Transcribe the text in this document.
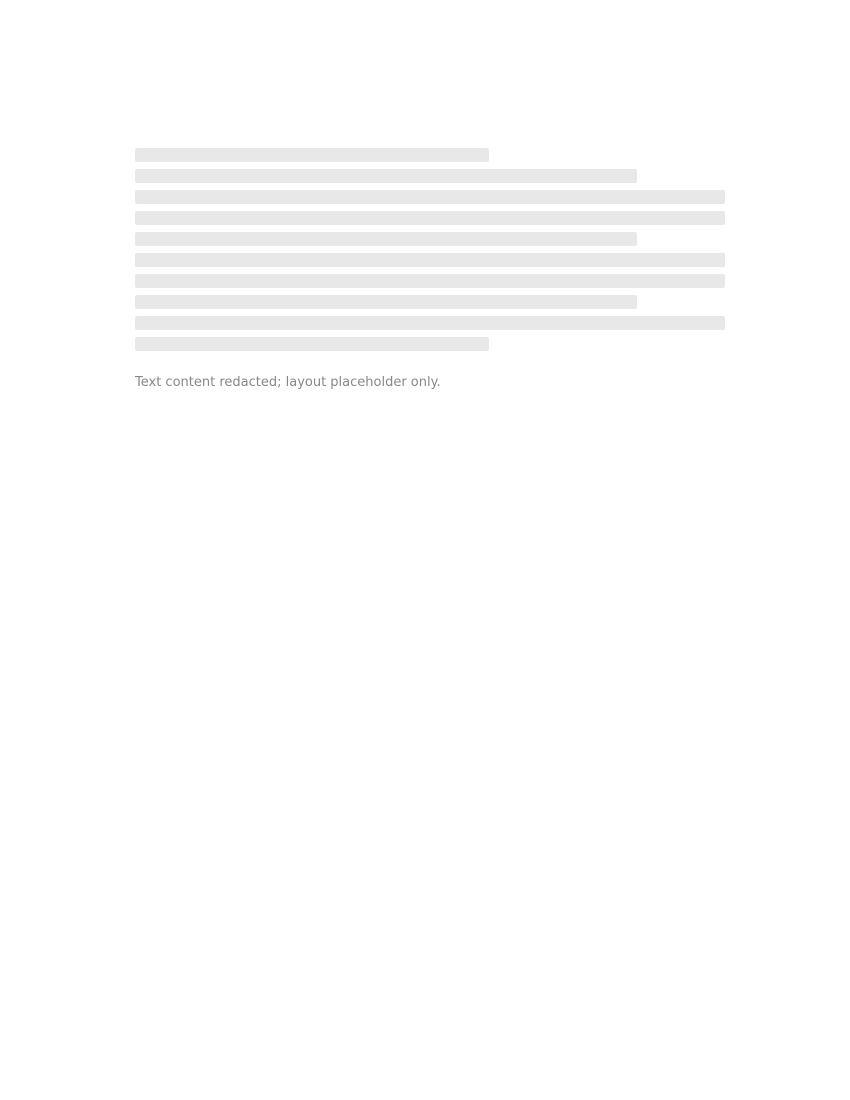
Text content redacted; layout placeholder only.
